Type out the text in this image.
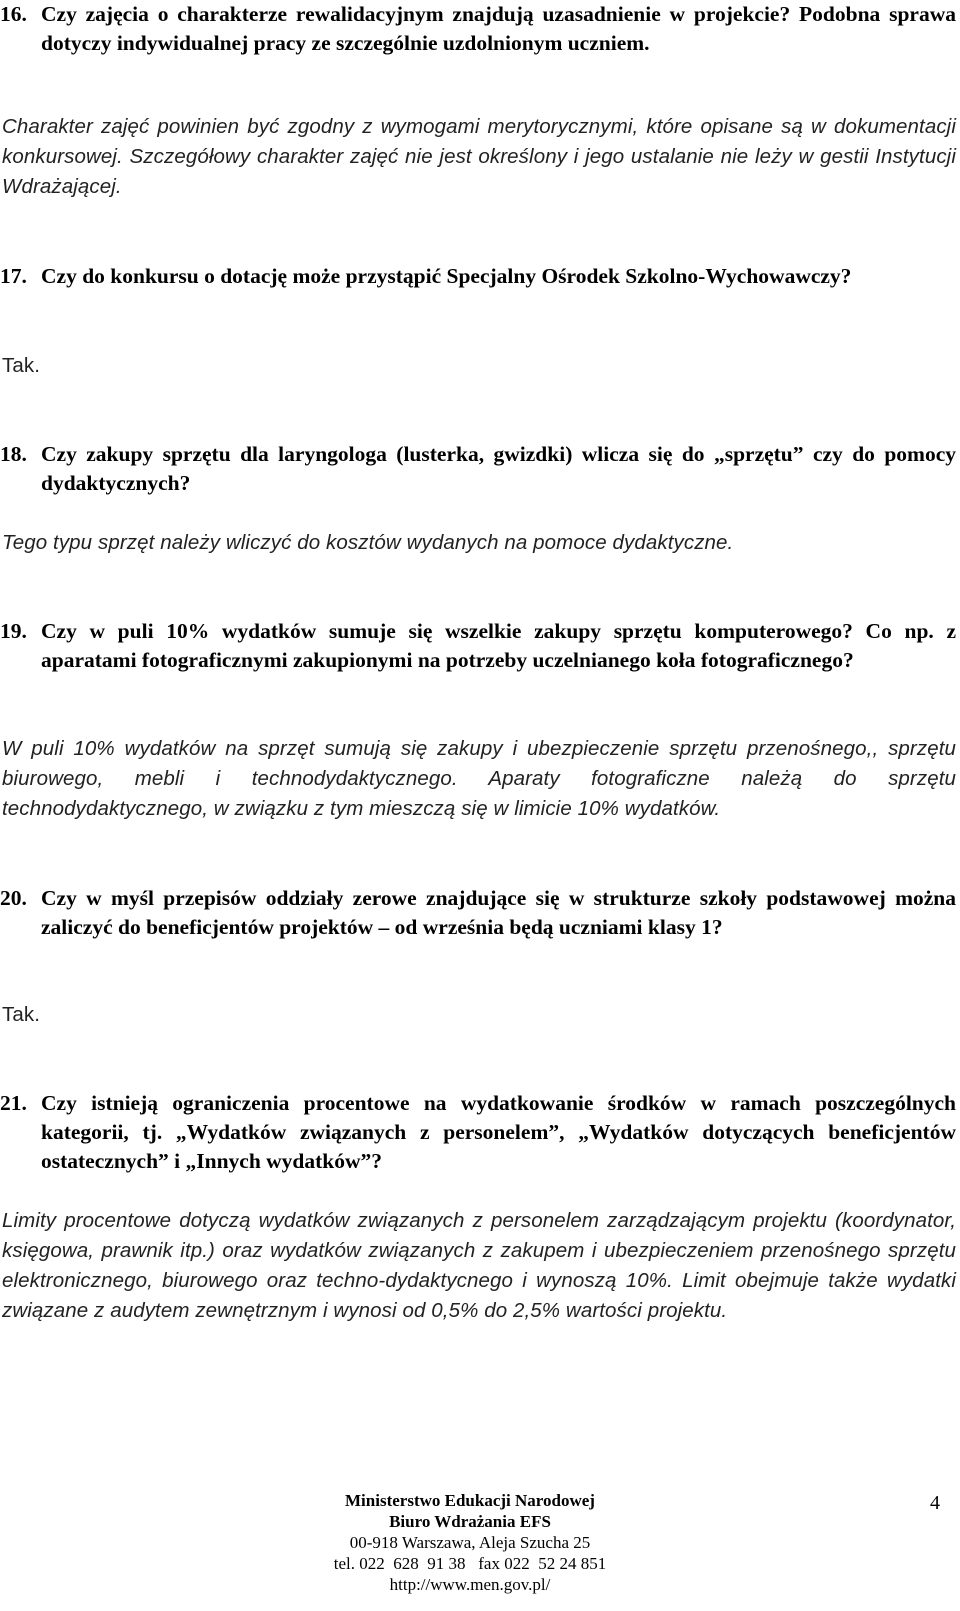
16. Czy zajęcia o charakterze rewalidacyjnym znajdują uzasadnienie w projekcie? Podobna sprawa dotyczy indywidualnej pracy ze szczególnie uzdolnionym uczniem.
Charakter zajęć powinien być zgodny z wymogami merytorycznymi, które opisane są w dokumentacji konkursowej. Szczegółowy charakter zajęć nie jest określony i jego ustalanie nie leży w gestii Instytucji Wdrażającej.
17. Czy do konkursu o dotację może przystąpić Specjalny Ośrodek Szkolno-Wychowawczy?
Tak.
18. Czy zakupy sprzętu dla laryngologa (lusterka, gwizdki) wlicza się do „sprzętu” czy do pomocy dydaktycznych?
Tego typu sprzęt należy wliczyć do kosztów wydanych na pomoce dydaktyczne.
19. Czy w puli 10% wydatków sumuje się wszelkie zakupy sprzętu komputerowego? Co np. z aparatami fotograficznymi zakupionymi na potrzeby uczelnianego koła fotograficznego?
W puli 10% wydatków na sprzęt sumują się zakupy i ubezpieczenie sprzętu przenośnego,, sprzętu biurowego, mebli i technodydaktycznego. Aparaty fotograficzne należą do sprzętu technodydaktycznego, w związku z tym mieszczą się w limicie 10% wydatków.
20. Czy w myśl przepisów oddziały zerowe znajdujące się w strukturze szkoły podstawowej można zaliczyć do beneficjentów projektów – od września będą uczniami klasy 1?
Tak.
21. Czy istnieją ograniczenia procentowe na wydatkowanie środków w ramach poszczególnych kategorii, tj. „Wydatków związanych z personelem”, „Wydatków dotyczących beneficjentów ostatecznych” i „Innych wydatków”?
Limity procentowe dotyczą wydatków związanych z personelem zarządzającym projektu (koordynator, księgowa, prawnik itp.) oraz wydatków związanych z zakupem i ubezpieczeniem przenośnego sprzętu elektronicznego, biurowego oraz techno-dydaktycnego i wynoszą 10%. Limit obejmuje także wydatki związane z audytem zewnętrznym i wynosi od 0,5% do 2,5% wartości projektu.
Ministerstwo Edukacji Narodowej
Biuro Wdrażania EFS
00-918 Warszawa, Aleja Szucha 25
tel. 022  628  91 38   fax 022  52 24 851
http://www.men.gov.pl/
4
